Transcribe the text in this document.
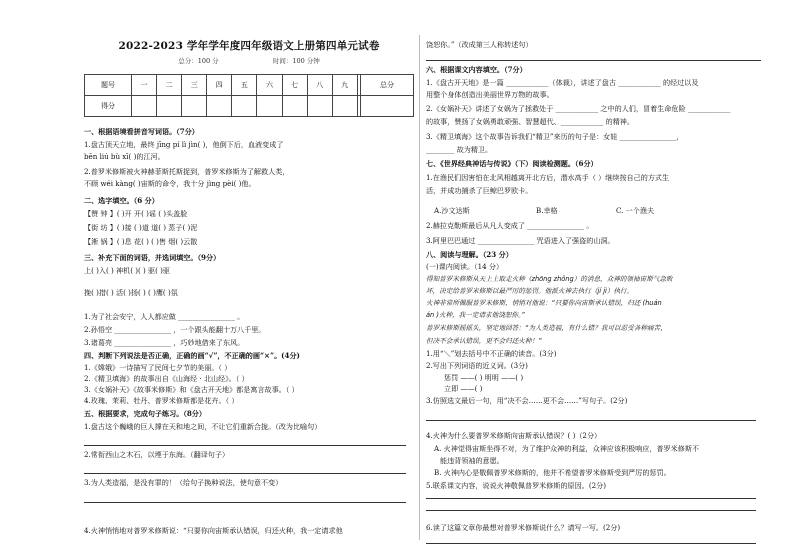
2022-2023 学年学年度四年级语文上册第四单元试卷
总分：100 分	时间：100 分钟
题号	一	二	三	四	五	六	七	八	九		总分
得分											
一、根据语境看拼音写词语。（7分）
1.盘古顶天立地，最终 jīng pí lì jìn( )，他倒下后，血液变成了
bēn liú bù xī( )的江河。
2.普罗米修斯被火神赫菲斯托斯捉到，普罗米修斯为了解救人类，
不顾 wéi kàng( )宙斯的命令，我十分 jìng pèi( )他。
二、选字填空。（6 分）
【赞 钟 】( )开 开( )谣 ( )头盖脸
【街 坊 】( )接 ( )道 道( ) 蒸子( )泥
【淅 锅 】( )息 花( ) ( )售 烟( )云散
三、补充下面的词语，并选词填空。（9分）
上( )入( ) 神机( )( ) 驱( )驱
挽( )措( ) 活( )扬( ) ( )鹰( )氛
1.为了社会安宁，人人都应做 ________________ 。
2.孙悟空 ________________ ，一个跟头能翻十万八千里。
3.诸葛亮 ________________ ，巧妙地借来了东风。
四、判断下列说法是否正确，正确的画“√”，不正确的画“×”。(4分)
1.《嫦娥》一诗描写了民间七夕节的美丽。（ ）
2.《精卫填海》的故事出自《山海经 · 北山经》。（ ）
3.《女娲补天》《故事米修斯》和《盘古开天地》都是寓言故事。（ ）
4.玫瑰、茉莉、牡丹、普罗米修斯都是花卉。（ ）
五、根据要求，完成句子练习。（8分）
1.盘古这个巍峨的巨人撑在天和地之间，不让它们重新合拢。（改为比喻句）
2.常衔西山之木石，以堙于东海。（翻译句子）
3.为人类造福，是没有罪的！（给句子换种说法，使句意不变）
4.火神悄悄地对普罗米修斯说：“只要你向宙斯承认错误，归还火种，我一定请求他
饶恕你。”（改成第三人称转述句）
六、根据课文内容填空。（7分）
1.《盘古开天地》是一篇 ____________（体裁），讲述了盘古 ____________ 的经过以及
用整个身体创造出美丽世界万物的故事。
2.《女娲补天》讲述了女娲为了拯救处于 ____________ 之中的人们，冒着生命危险 ____________
的故事，赞扬了女娲勇敢顽强、智慧超代、____________ 的精神。
3.《精卫填海》这个故事告诉我们“精卫”来历的句子是：女娃 ________________，
________ 故为精卫。
七、《世界经典神话与传说》（下）阅读检测题。（6分）
1.在渔民们因害怕在北风相越离开北方后，潜水高手（ ）继续按自己的方式生
活，并成功捕杀了巨鲸巴罗欧卡。
A.沙文达斯	B.幸格	C. 一个渔夫
2.赫拉克勒斯最后从凡人变成了 ________________ 。
3.阿里巴巴通过 ________________ 咒语进入了强盗的山洞。
八、阅读与理解。（23 分）
(一)课内阅读。（14 分）
得知普罗米修斯从天上上取走火种（zhōng zhǒng）的消息，众神的领袖宙斯气急败
坏，决定给普罗米修斯以最严厉的惩罚。他派火神去执行（jí jì）执行。
火神非常所佩服普罗米修斯，悄悄对他说：“只要你向宙斯承认错误，归还 (huán
án )火种，我一定请求他饶恕你。”
普罗米修斯摇摇头，坚定地回答：“为人类造福，有什么错？我可以忍受各种痛苦，
但决不会承认错误，更不会归还火种！”
1.用“＼”划去括号中不正确的读音。(3分)
2.写出下列词语的近义词。(3分)
惩罚 ——( ) 明明 ——( )
立即 ——( )
3.仿照选文最后一句，用“决不会……更不会……”写句子。(2分)
4.火神为什么要普罗米修斯向宙斯承认错误？( )（2分）
A. 火神觉得宙斯坐得不对，为了维护众神的利益，众神应该积极响应，普罗米修斯不
能违背领袖的意愿。
B. 火神内心是敬佩普罗米修斯的，他并不希望普罗米修斯受到严厉的惩罚。
5.联系课文内容，说说火神敬佩普罗米修斯的原因。(2分)
6.读了这篇文章你最想对普罗米修斯说什么？请写一写。(2分)
